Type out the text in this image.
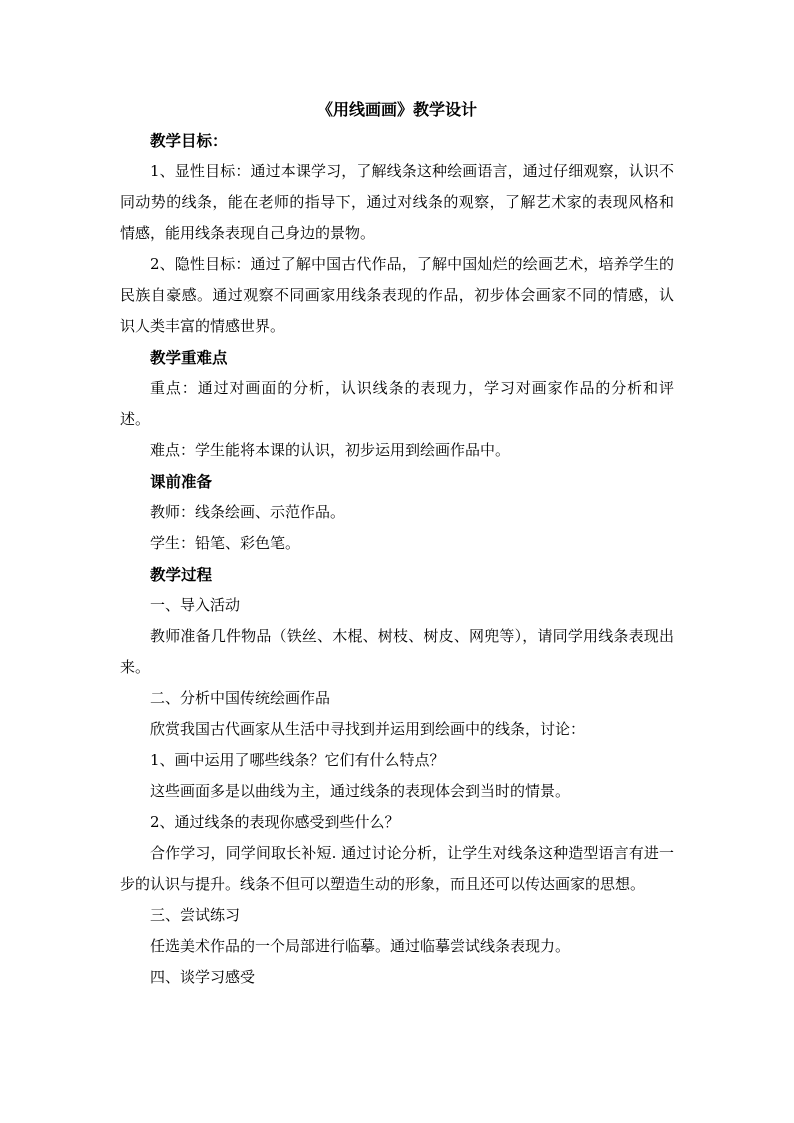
《用线画画》教学设计

教学目标：

1、显性目标：通过本课学习，了解线条这种绘画语言，通过仔细观察，认识不同动势的线条，能在老师的指导下，通过对线条的观察，了解艺术家的表现风格和情感，能用线条表现自己身边的景物。

2、隐性目标：通过了解中国古代作品，了解中国灿烂的绘画艺术，培养学生的民族自豪感。通过观察不同画家用线条表现的作品，初步体会画家不同的情感，认识人类丰富的情感世界。

教学重难点

重点：通过对画面的分析，认识线条的表现力，学习对画家作品的分析和评述。

难点：学生能将本课的认识，初步运用到绘画作品中。

课前准备

教师：线条绘画、示范作品。

学生：铅笔、彩色笔。

教学过程

一、导入活动

教师准备几件物品（铁丝、木棍、树枝、树皮、网兜等），请同学用线条表现出来。

二、分析中国传统绘画作品

欣赏我国古代画家从生活中寻找到并运用到绘画中的线条，讨论：

1、画中运用了哪些线条？它们有什么特点？

这些画面多是以曲线为主，通过线条的表现体会到当时的情景。

2、通过线条的表现你感受到些什么？

合作学习，同学间取长补短. 通过讨论分析，让学生对线条这种造型语言有进一步的认识与提升。线条不但可以塑造生动的形象，而且还可以传达画家的思想。

三、尝试练习

任选美术作品的一个局部进行临摹。通过临摹尝试线条表现力。

四、谈学习感受
